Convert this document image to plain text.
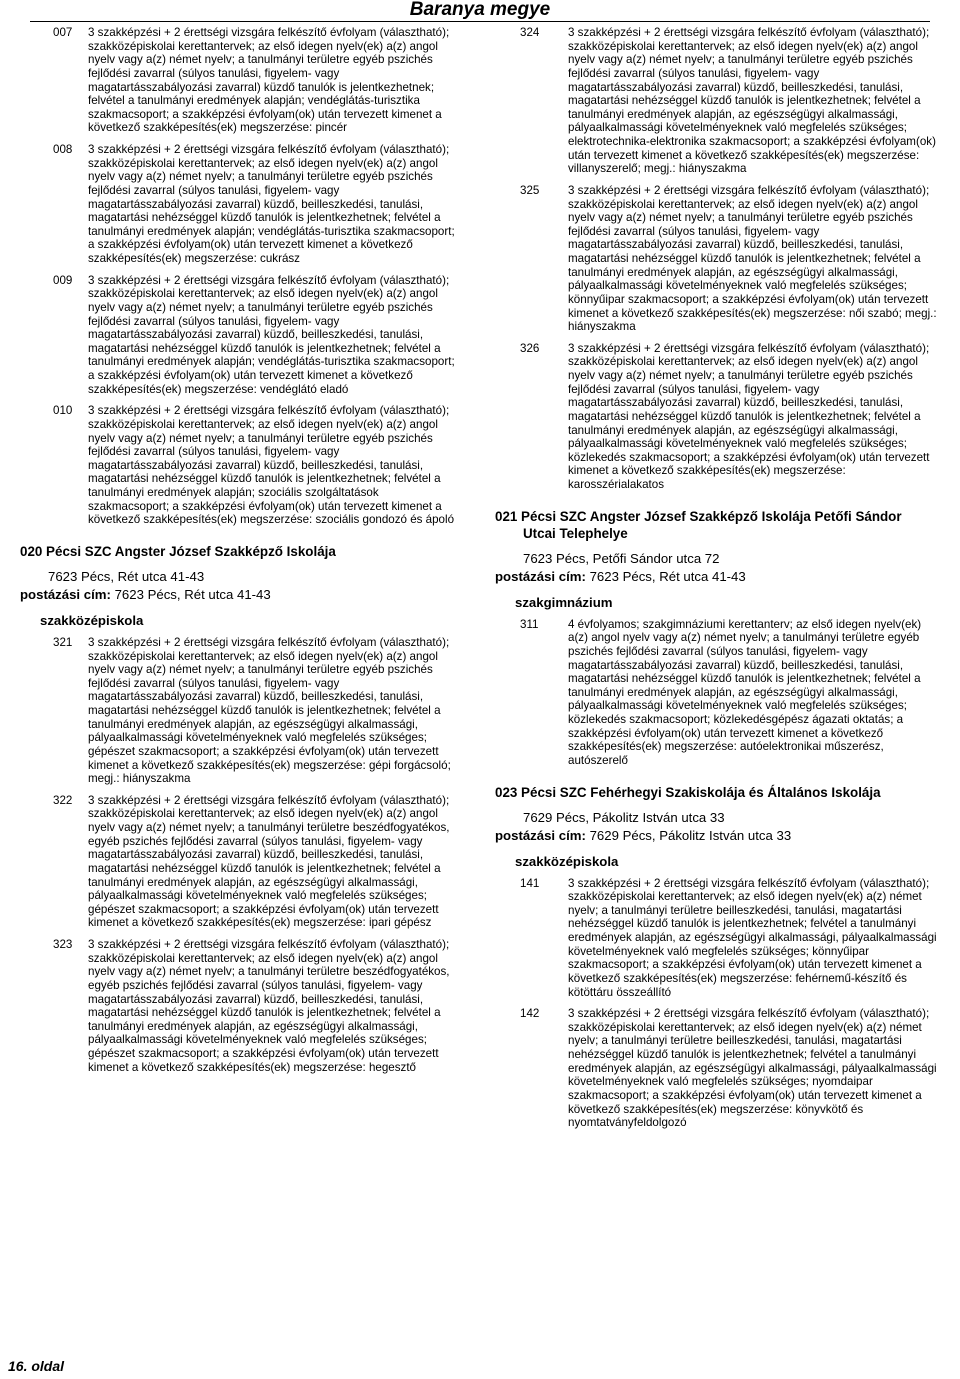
Baranya megye
007	3 szakképzési + 2 érettségi vizsgára felkészítő évfolyam (választható); szakközépiskolai kerettantervek; az első idegen nyelv(ek) a(z) angol nyelv vagy a(z) német nyelv; a tanulmányi területre egyéb pszichés fejlődési zavarral (súlyos tanulási, figyelem- vagy magatartásszabályozási zavarral) küzdő tanulók is jelentkezhetnek; felvétel a tanulmányi eredmények alapján; vendéglátás-turisztika szakmacsoport; a szakképzési évfolyam(ok) után tervezett kimenet a következő szakképesítés(ek) megszerzése: pincér
008	3 szakképzési + 2 érettségi vizsgára felkészítő évfolyam (választható); szakközépiskolai kerettantervek; az első idegen nyelv(ek) a(z) angol nyelv vagy a(z) német nyelv; a tanulmányi területre egyéb pszichés fejlődési zavarral (súlyos tanulási, figyelem- vagy magatartásszabályozási zavarral) küzdő, beilleszkedési, tanulási, magatartási nehézséggel küzdő tanulók is jelentkezhetnek; felvétel a tanulmányi eredmények alapján; vendéglátás-turisztika szakmacsoport; a szakképzési évfolyam(ok) után tervezett kimenet a következő szakképesítés(ek) megszerzése: cukrász
009	3 szakképzési + 2 érettségi vizsgára felkészítő évfolyam (választható); szakközépiskolai kerettantervek; az első idegen nyelv(ek) a(z) angol nyelv vagy a(z) német nyelv; a tanulmányi területre egyéb pszichés fejlődési zavarral (súlyos tanulási, figyelem- vagy magatartásszabályozási zavarral) küzdő, beilleszkedési, tanulási, magatartási nehézséggel küzdő tanulók is jelentkezhetnek; felvétel a tanulmányi eredmények alapján; vendéglátás-turisztika szakmacsoport; a szakképzési évfolyam(ok) után tervezett kimenet a következő szakképesítés(ek) megszerzése: vendéglátó eladó
010	3 szakképzési + 2 érettségi vizsgára felkészítő évfolyam (választható); szakközépiskolai kerettantervek; az első idegen nyelv(ek) a(z) angol nyelv vagy a(z) német nyelv; a tanulmányi területre egyéb pszichés fejlődési zavarral (súlyos tanulási, figyelem- vagy magatartásszabályozási zavarral) küzdő, beilleszkedési, tanulási, magatartási nehézséggel küzdő tanulók is jelentkezhetnek; felvétel a tanulmányi eredmények alapján; szociális szolgáltatások szakmacsoport; a szakképzési évfolyam(ok) után tervezett kimenet a következő szakképesítés(ek) megszerzése: szociális gondozó és ápoló
020 Pécsi SZC Angster József Szakképző Iskolája
7623 Pécs, Rét utca 41-43
postázási cím: 7623 Pécs, Rét utca 41-43
szakközépiskola
321	3 szakképzési + 2 érettségi vizsgára felkészítő évfolyam (választható); szakközépiskolai kerettantervek; az első idegen nyelv(ek) a(z) angol nyelv vagy a(z) német nyelv; a tanulmányi területre egyéb pszichés fejlődési zavarral (súlyos tanulási, figyelem- vagy magatartásszabályozási zavarral) küzdő, beilleszkedési, tanulási, magatartási nehézséggel küzdő tanulók is jelentkezhetnek; felvétel a tanulmányi eredmények alapján, az egészségügyi alkalmassági, pályaalkalmassági követelményeknek való megfelelés szükséges; gépészet szakmacsoport; a szakképzési évfolyam(ok) után tervezett kimenet a következő szakképesítés(ek) megszerzése: gépi forgácsoló; megj.: hiányszakma
322	3 szakképzési + 2 érettségi vizsgára felkészítő évfolyam (választható); szakközépiskolai kerettantervek; az első idegen nyelv(ek) a(z) angol nyelv vagy a(z) német nyelv; a tanulmányi területre beszédfogyatékos, egyéb pszichés fejlődési zavarral (súlyos tanulási, figyelem- vagy magatartásszabályozási zavarral) küzdő, beilleszkedési, tanulási, magatartási nehézséggel küzdő tanulók is jelentkezhetnek; felvétel a tanulmányi eredmények alapján, az egészségügyi alkalmassági, pályaalkalmassági követelményeknek való megfelelés szükséges; gépészet szakmacsoport; a szakképzési évfolyam(ok) után tervezett kimenet a következő szakképesítés(ek) megszerzése: ipari gépész
323	3 szakképzési + 2 érettségi vizsgára felkészítő évfolyam (választható); szakközépiskolai kerettantervek; az első idegen nyelv(ek) a(z) angol nyelv vagy a(z) német nyelv; a tanulmányi területre beszédfogyatékos, egyéb pszichés fejlődési zavarral (súlyos tanulási, figyelem- vagy magatartásszabályozási zavarral) küzdő, beilleszkedési, tanulási, magatartási nehézséggel küzdő tanulók is jelentkezhetnek; felvétel a tanulmányi eredmények alapján, az egészségügyi alkalmassági, pályaalkalmassági követelményeknek való megfelelés szükséges; gépészet szakmacsoport; a szakképzési évfolyam(ok) után tervezett kimenet a következő szakképesítés(ek) megszerzése: hegesztő
324	3 szakképzési + 2 érettségi vizsgára felkészítő évfolyam (választható); szakközépiskolai kerettantervek; az első idegen nyelv(ek) a(z) angol nyelv vagy a(z) német nyelv; a tanulmányi területre egyéb pszichés fejlődési zavarral (súlyos tanulási, figyelem- vagy magatartásszabályozási zavarral) küzdő, beilleszkedési, tanulási, magatartási nehézséggel küzdő tanulók is jelentkezhetnek; felvétel a tanulmányi eredmények alapján, az egészségügyi alkalmassági, pályaalkalmassági követelményeknek való megfelelés szükséges; elektrotechnika-elektronika szakmacsoport; a szakképzési évfolyam(ok) után tervezett kimenet a következő szakképesítés(ek) megszerzése: villanyszerelő; megj.: hiányszakma
325	3 szakképzési + 2 érettségi vizsgára felkészítő évfolyam (választható); szakközépiskolai kerettantervek; az első idegen nyelv(ek) a(z) angol nyelv vagy a(z) német nyelv; a tanulmányi területre egyéb pszichés fejlődési zavarral (súlyos tanulási, figyelem- vagy magatartásszabályozási zavarral) küzdő, beilleszkedési, tanulási, magatartási nehézséggel küzdő tanulók is jelentkezhetnek; felvétel a tanulmányi eredmények alapján, az egészségügyi alkalmassági, pályaalkalmassági követelményeknek való megfelelés szükséges; könnyűipar szakmacsoport; a szakképzési évfolyam(ok) után tervezett kimenet a következő szakképesítés(ek) megszerzése: női szabó; megj.: hiányszakma
326	3 szakképzési + 2 érettségi vizsgára felkészítő évfolyam (választható); szakközépiskolai kerettantervek; az első idegen nyelv(ek) a(z) angol nyelv vagy a(z) német nyelv; a tanulmányi területre egyéb pszichés fejlődési zavarral (súlyos tanulási, figyelem- vagy magatartásszabályozási zavarral) küzdő, beilleszkedési, tanulási, magatartási nehézséggel küzdő tanulók is jelentkezhetnek; felvétel a tanulmányi eredmények alapján, az egészségügyi alkalmassági, pályaalkalmassági követelményeknek való megfelelés szükséges; közlekedés szakmacsoport; a szakképzési évfolyam(ok) után tervezett kimenet a következő szakképesítés(ek) megszerzése: karosszérialakatos
021 Pécsi SZC Angster József Szakképző Iskolája Petőfi Sándor
Utcai Telephelye
7623 Pécs, Petőfi Sándor utca 72
postázási cím: 7623 Pécs, Rét utca 41-43
szakgimnázium
311	4 évfolyamos; szakgimnáziumi kerettanterv; az első idegen nyelv(ek) a(z) angol nyelv vagy a(z) német nyelv; a tanulmányi területre egyéb pszichés fejlődési zavarral (súlyos tanulási, figyelem- vagy magatartásszabályozási zavarral) küzdő, beilleszkedési, tanulási, magatartási nehézséggel küzdő tanulók is jelentkezhetnek; felvétel a tanulmányi eredmények alapján, az egészségügyi alkalmassági, pályaalkalmassági követelményeknek való megfelelés szükséges; közlekedés szakmacsoport; közlekedésgépész ágazati oktatás; a szakképzési évfolyam(ok) után tervezett kimenet a következő szakképesítés(ek) megszerzése: autóelektronikai műszerész, autószerelő
023 Pécsi SZC Fehérhegyi Szakiskolája és Általános Iskolája
7629 Pécs, Pákolitz István utca 33
postázási cím: 7629 Pécs, Pákolitz István utca 33
szakközépiskola
141	3 szakképzési + 2 érettségi vizsgára felkészítő évfolyam (választható); szakközépiskolai kerettantervek; az első idegen nyelv(ek) a(z) német nyelv; a tanulmányi területre beilleszkedési, tanulási, magatartási nehézséggel küzdő tanulók is jelentkezhetnek; felvétel a tanulmányi eredmények alapján, az egészségügyi alkalmassági, pályaalkalmassági követelményeknek való megfelelés szükséges; könnyűipar szakmacsoport; a szakképzési évfolyam(ok) után tervezett kimenet a következő szakképesítés(ek) megszerzése: fehérnemű-készítő és kötöttáru összeállító
142	3 szakképzési + 2 érettségi vizsgára felkészítő évfolyam (választható); szakközépiskolai kerettantervek; az első idegen nyelv(ek) a(z) német nyelv; a tanulmányi területre beilleszkedési, tanulási, magatartási nehézséggel küzdő tanulók is jelentkezhetnek; felvétel a tanulmányi eredmények alapján, az egészségügyi alkalmassági, pályaalkalmassági követelményeknek való megfelelés szükséges; nyomdaipar szakmacsoport; a szakképzési évfolyam(ok) után tervezett kimenet a következő szakképesítés(ek) megszerzése: könyvkötő és nyomtatványfeldolgozó
16. oldal
